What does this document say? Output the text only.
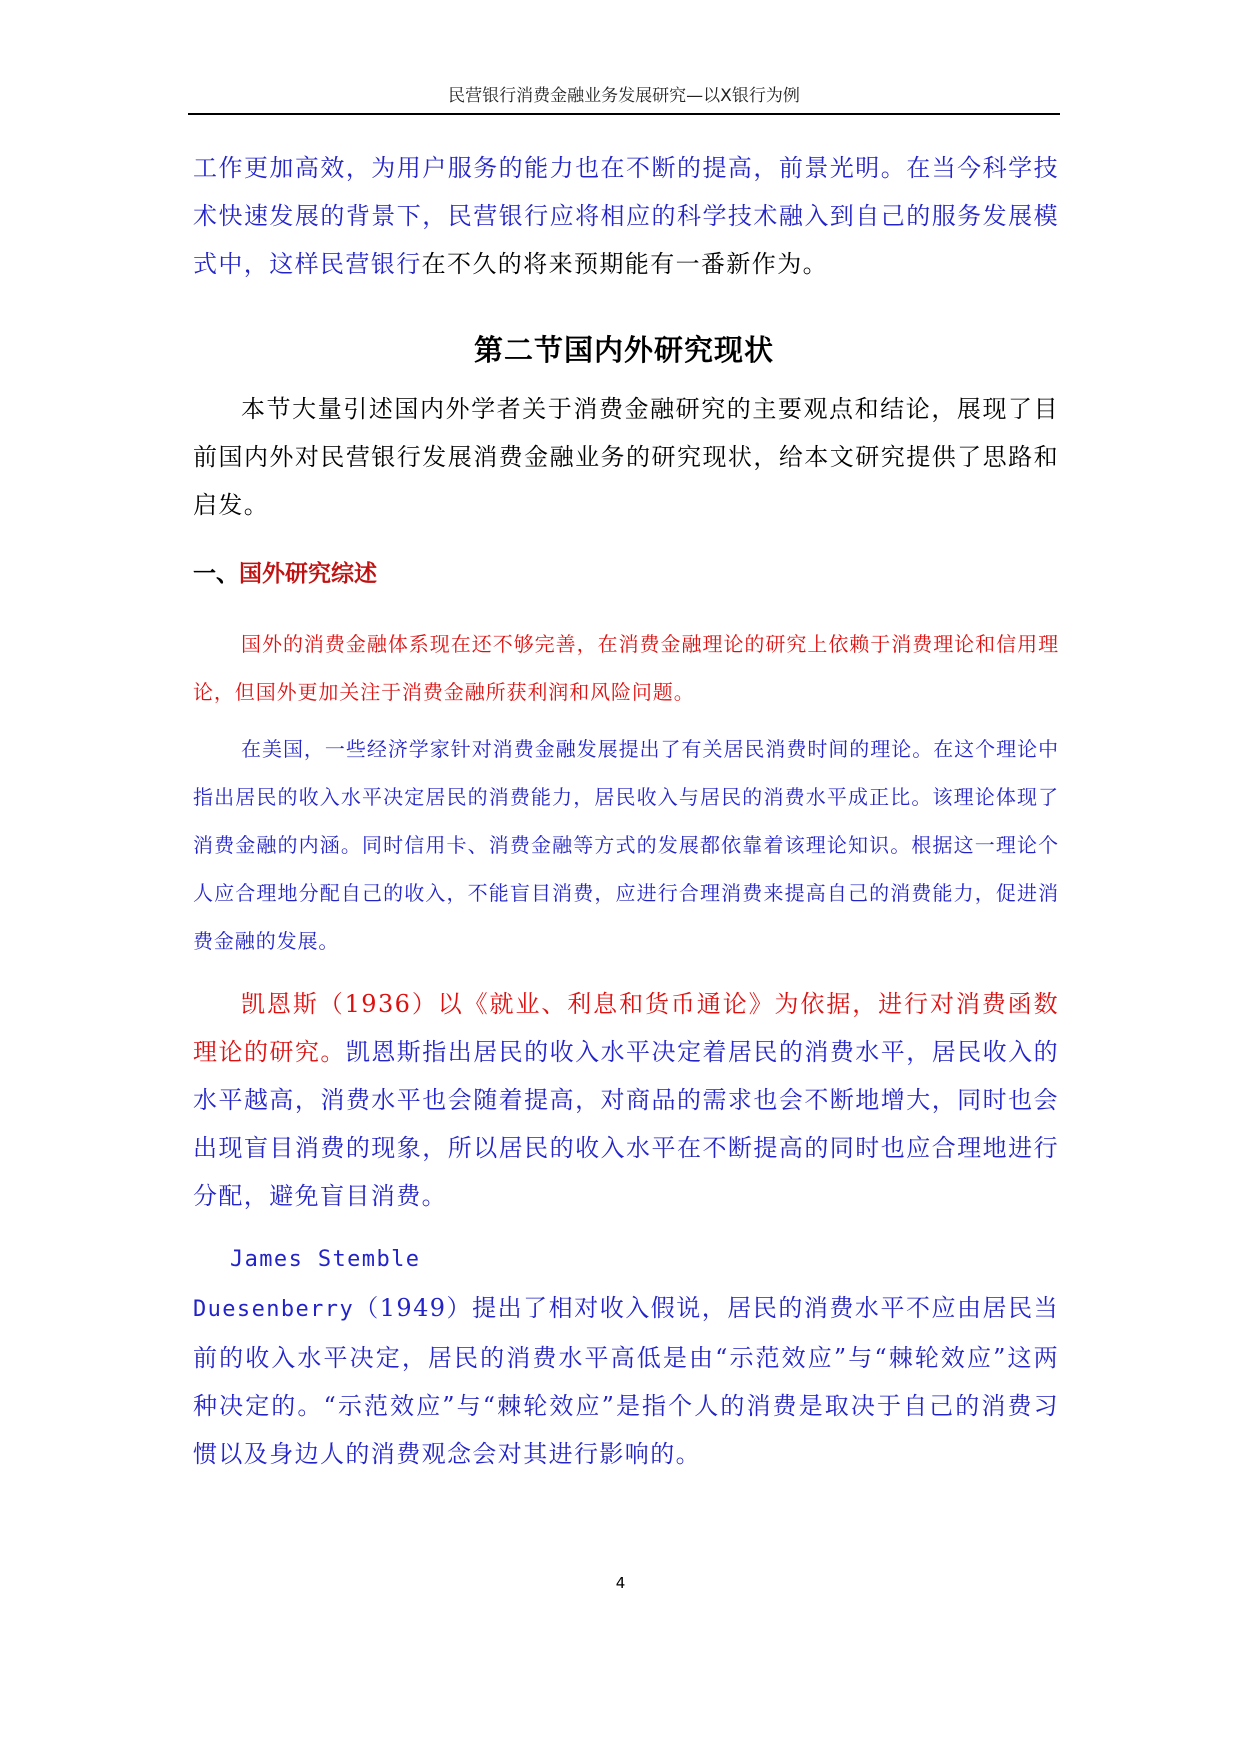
民营银行消费金融业务发展研究—以X银行为例

工作更加高效，为用户服务的能力也在不断的提高，前景光明。在当今科学技术快速发展的背景下，民营银行应将相应的科学技术融入到自己的服务发展模式中，这样民营银行在不久的将来预期能有一番新作为。

第二节国内外研究现状

本节大量引述国内外学者关于消费金融研究的主要观点和结论，展现了目前国内外对民营银行发展消费金融业务的研究现状，给本文研究提供了思路和启发。

一、国外研究综述

国外的消费金融体系现在还不够完善，在消费金融理论的研究上依赖于消费理论和信用理论，但国外更加关注于消费金融所获利润和风险问题。

在美国，一些经济学家针对消费金融发展提出了有关居民消费时间的理论。在这个理论中指出居民的收入水平决定居民的消费能力，居民收入与居民的消费水平成正比。该理论体现了消费金融的内涵。同时信用卡、消费金融等方式的发展都依靠着该理论知识。根据这一理论个人应合理地分配自己的收入，不能盲目消费，应进行合理消费来提高自己的消费能力，促进消费金融的发展。

凯恩斯（1936）以《就业、利息和货币通论》为依据，进行对消费函数理论的研究。凯恩斯指出居民的收入水平决定着居民的消费水平，居民收入的水平越高，消费水平也会随着提高，对商品的需求也会不断地增大，同时也会出现盲目消费的现象，所以居民的收入水平在不断提高的同时也应合理地进行分配，避免盲目消费。

James Stemble
Duesenberry（1949）提出了相对收入假说，居民的消费水平不应由居民当前的收入水平决定，居民的消费水平高低是由“示范效应”与“棘轮效应”这两种决定的。“示范效应”与“棘轮效应”是指个人的消费是取决于自己的消费习惯以及身边人的消费观念会对其进行影响的。

4
